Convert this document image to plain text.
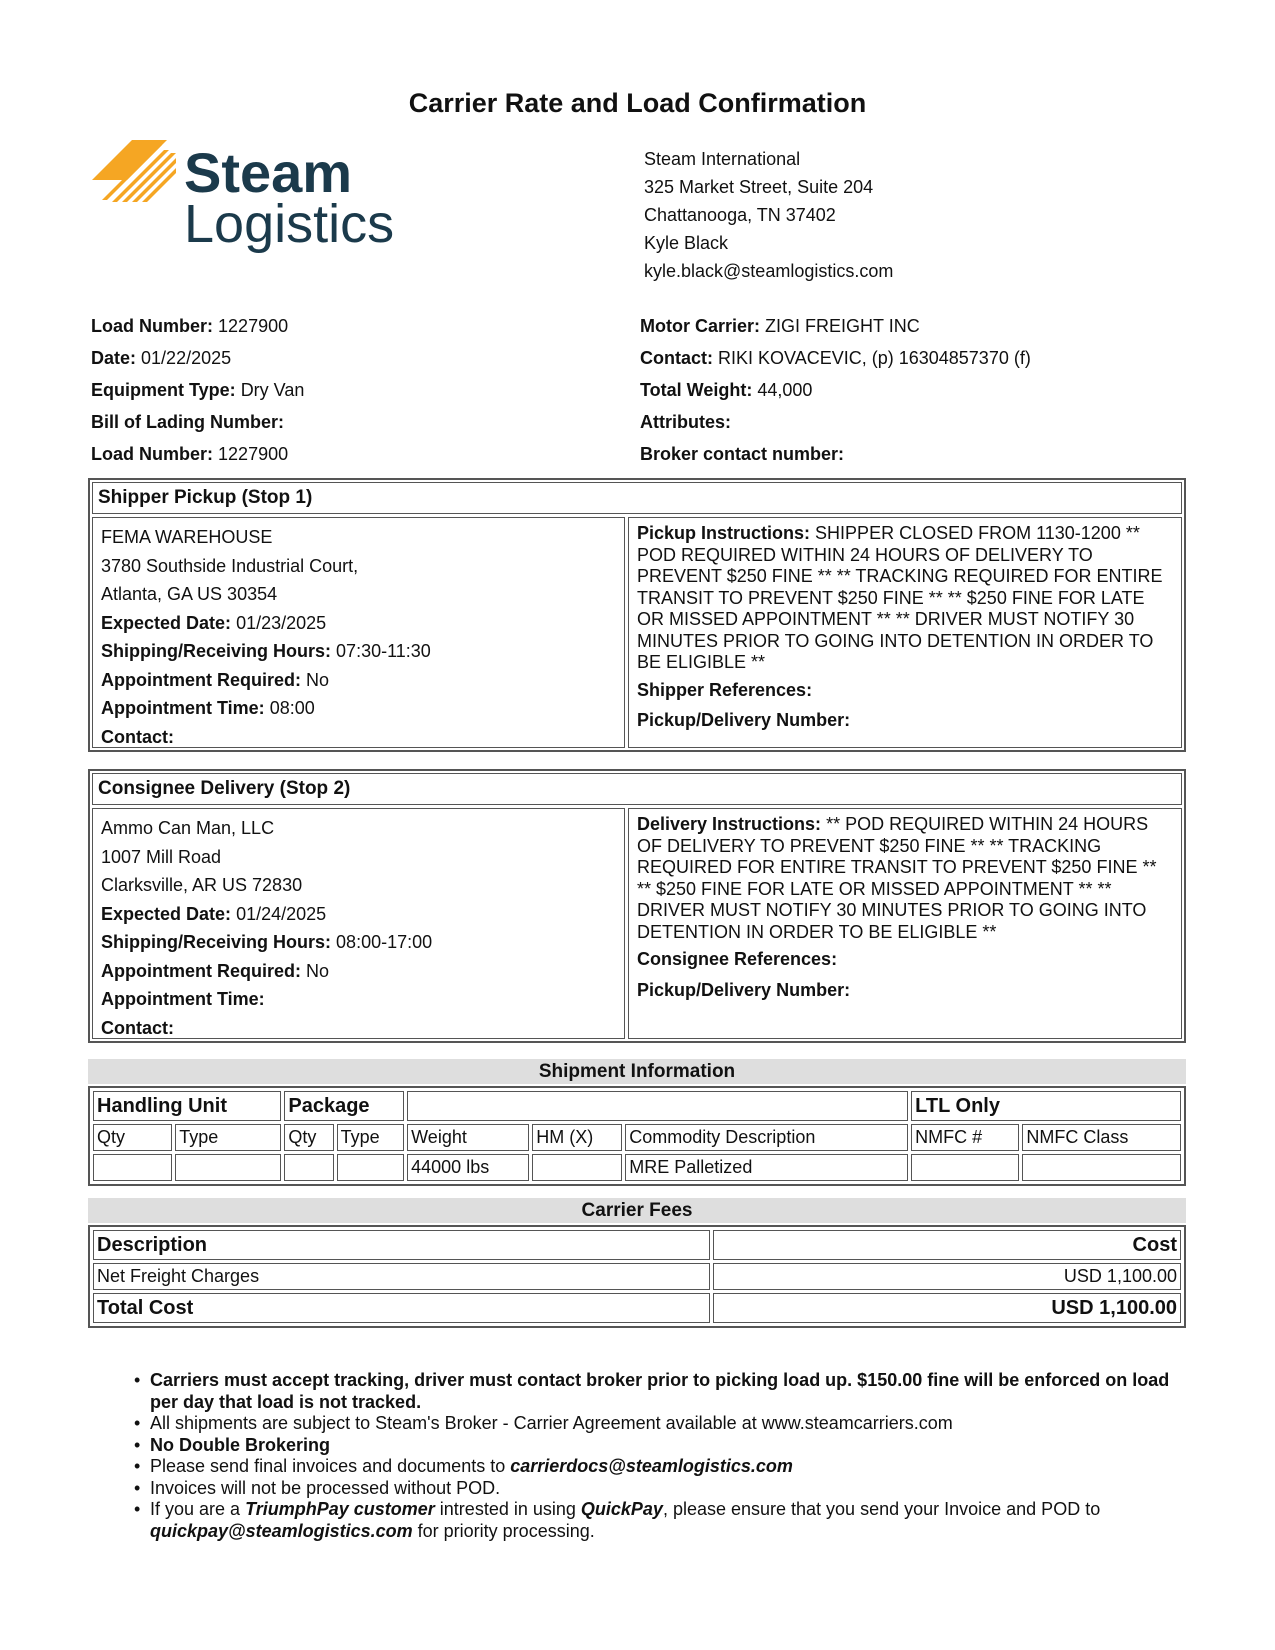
Carrier Rate and Load Confirmation
Steam
Logistics
Steam International
325 Market Street, Suite 204
Chattanooga, TN 37402
Kyle Black
kyle.black@steamlogistics.com
Load Number: 1227900
Date: 01/22/2025
Equipment Type: Dry Van
Bill of Lading Number:
Load Number: 1227900
Motor Carrier: ZIGI FREIGHT INC
Contact: RIKI KOVACEVIC, (p) 16304857370 (f)
Total Weight: 44,000
Attributes:
Broker contact number:
Shipper Pickup (Stop 1)
FEMA WAREHOUSE
3780 Southside Industrial Court,
Atlanta, GA US 30354
Expected Date: 01/23/2025
Shipping/Receiving Hours: 07:30-11:30
Appointment Required: No
Appointment Time: 08:00
Contact:
Pickup Instructions: SHIPPER CLOSED FROM 1130-1200 ** POD REQUIRED WITHIN 24 HOURS OF DELIVERY TO PREVENT $250 FINE ** ** TRACKING REQUIRED FOR ENTIRE TRANSIT TO PREVENT $250 FINE ** ** $250 FINE FOR LATE OR MISSED APPOINTMENT ** ** DRIVER MUST NOTIFY 30 MINUTES PRIOR TO GOING INTO DETENTION IN ORDER TO BE ELIGIBLE **
Shipper References:
Pickup/Delivery Number:
Consignee Delivery (Stop 2)
Ammo Can Man, LLC
1007 Mill Road
Clarksville, AR US 72830
Expected Date: 01/24/2025
Shipping/Receiving Hours: 08:00-17:00
Appointment Required: No
Appointment Time:
Contact:
Delivery Instructions: ** POD REQUIRED WITHIN 24 HOURS OF DELIVERY TO PREVENT $250 FINE ** ** TRACKING REQUIRED FOR ENTIRE TRANSIT TO PREVENT $250 FINE ** ** $250 FINE FOR LATE OR MISSED APPOINTMENT ** ** DRIVER MUST NOTIFY 30 MINUTES PRIOR TO GOING INTO DETENTION IN ORDER TO BE ELIGIBLE **
Consignee References:
Pickup/Delivery Number:
Shipment Information
Handling Unit		Package					LTL Only	
Qty	Type	Qty	Type	Weight	HM (X)	Commodity Description	NMFC #	NMFC Class
				44000 lbs		MRE Palletized		
Carrier Fees
Description	Cost
Net Freight Charges	USD 1,100.00
Total Cost	USD 1,100.00
• Carriers must accept tracking, driver must contact broker prior to picking load up. $150.00 fine will be enforced on load per day that load is not tracked.
• All shipments are subject to Steam's Broker - Carrier Agreement available at www.steamcarriers.com
• No Double Brokering
• Please send final invoices and documents to carrierdocs@steamlogistics.com
• Invoices will not be processed without POD.
• If you are a TriumphPay customer intrested in using QuickPay, please ensure that you send your Invoice and POD to
quickpay@steamlogistics.com for priority processing.
